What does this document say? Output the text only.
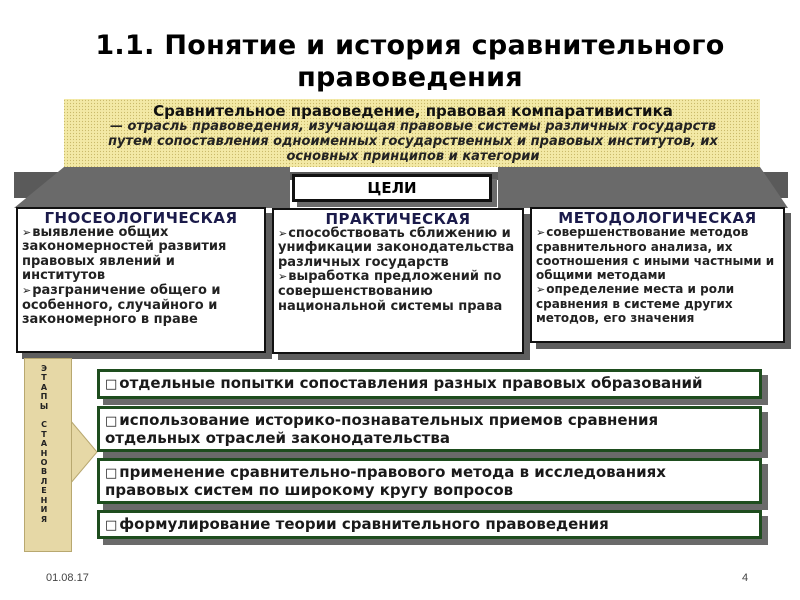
1.1. Понятие и история сравнительного
правоведения
Сравнительное правоведение, правовая компаративистика
— отрасль правоведения, изучающая правовые системы различных государств путем сопоставления одноименных государственных и правовых институтов, их основных принципов и категории
ЦЕЛИ
ГНОСЕОЛОГИЧЕСКАЯ
➢ выявление общих закономерностей развития правовых явлений и институтов
➢ разграничение общего и особенного, случайного и закономерного в праве
ПРАКТИЧЕСКАЯ
➢ способствовать сближению и унификации законодательства различных государств
➢ выработка предложений по совершенствованию национальной системы права
МЕТОДОЛОГИЧЕСКАЯ
➢ совершенствование методов сравнительного анализа, их соотношения с иными частными и общими методами
➢ определение места и роли сравнения в системе других методов, его значения
Э
Т
А
П
Ы

С
Т
А
Н
О
В
Л
Е
Н
И
Я
□ отдельные попытки сопоставления разных правовых образований
□ использование историко-познавательных приемов сравнения отдельных отраслей законодательства
□ применение сравнительно-правового метода в исследованиях правовых систем по широкому кругу вопросов
□ формулирование теории сравнительного правоведения
01.08.17	4
